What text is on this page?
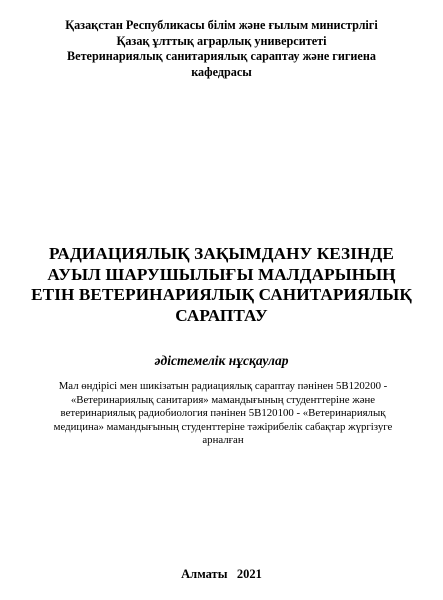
Қазақстан Республикасы білім және ғылым министрлігі
Қазақ ұлттық аграрлық университеті
Ветеринариялық санитариялық сараптау және гигиена
кафедрасы
РАДИАЦИЯЛЫҚ ЗАҚЫМДАНУ КЕЗІНДЕ
АУЫЛ ШАРУШЫЛЫҒЫ МАЛДАРЫНЫҢ
ЕТІН ВЕТЕРИНАРИЯЛЫҚ САНИТАРИЯЛЫҚ
САРАПТАУ
әдістемелік нұсқаулар
Мал өндірісі мен шикізатын радиациялық сараптау пәнінен 5В120200 -
«Ветеринариялық санитария» мамандығының студенттеріне және
ветеринариялық радиобиология пәнінен 5В120100 - «Ветеринариялық
медицина» мамандығының студенттеріне тәжірибелік сабақтар жүргізуге
арналған
Алматы   2021
